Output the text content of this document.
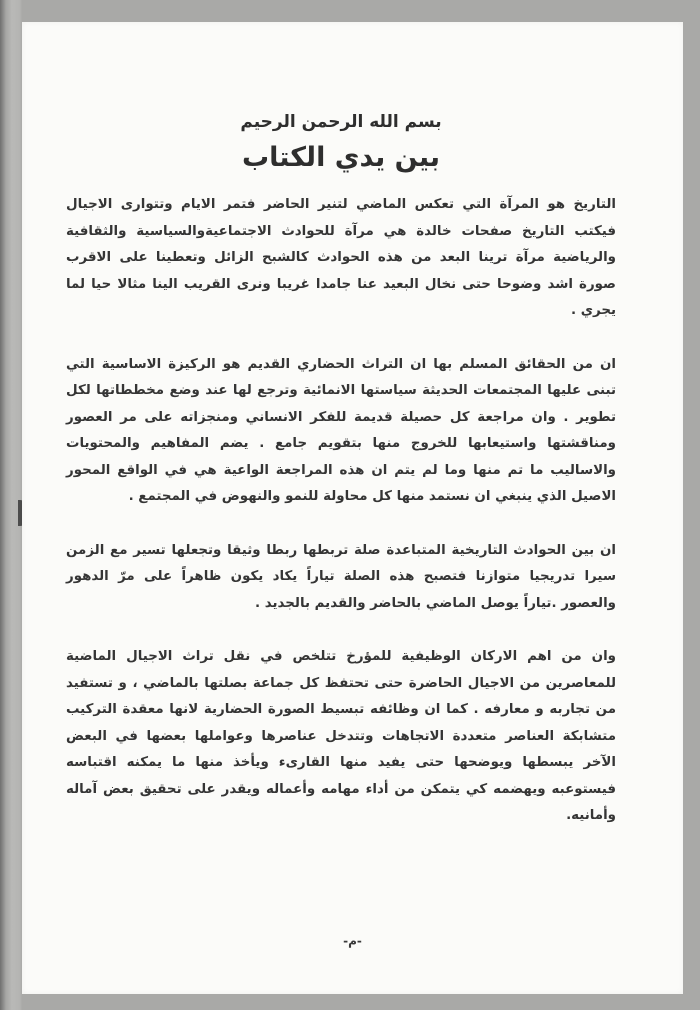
بسم الله الرحمن الرحيم
بين يدي الكتاب

التاريخ هو المرآة التي تعكس الماضي لتنير الحاضر فتمر الايام وتتوارى الاجيال فيكتب التاريخ صفحات خالدة هي مرآة للحوادث الاجتماعيةوالسياسية والثقافية والرياضية مرآة ترينا البعد من هذه الحوادث كالشبح الزائل وتعطينا على الاقرب صورة اشد وضوحا حتى نخال البعيد عنا جامدا غريبا ونرى القريب الينا مثالا حيا لما يجري .

ان من الحقائق المسلم بها ان التراث الحضاري القديم هو الركيزة الاساسية التي تبنى عليها المجتمعات الحديثة سياستها الانمائية وترجع لها عند وضع مخططاتها لكل تطوير . وان مراجعة كل حصيلة قديمة للفكر الانساني ومنجزاته على مر العصور ومناقشتها واستيعابها للخروج منها بتقويم جامع . يضم المفاهيم والمحتويات والاساليب ما تم منها وما لم يتم ان هذه المراجعة الواعية هي في الواقع المحور الاصيل الذي ينبغي ان نستمد منها كل محاولة للنمو والنهوض في المجتمع .

ان بين الحوادث التاريخية المتباعدة صلة تربطها ربطا وثيقا وتجعلها تسير مع الزمن سيرا تدريجيا متوازنا فتصبح هذه الصلة تياراً يكاد يكون ظاهراً على مرّ الدهور والعصور .تياراً يوصل الماضي بالحاضر والقديم بالجديد .

وان من اهم الاركان الوظيفية للمؤرخ تتلخص في نقل تراث الاجيال الماضية للمعاصرين من الاجيال الحاضرة حتى تحتفظ كل جماعة بصلتها بالماضي ، و تستفيد من تجاربه و معارفه . كما ان وظائفه تبسيط الصورة الحضارية لانها معقدة التركيب متشابكة العناصر متعددة الاتجاهات وتتدخل عناصرها وعواملها بعضها في البعض الآخر يبسطها ويوضحها حتى يفيد منها القارىء ويأخذ منها ما يمكنه اقتباسه فيستوعبه ويهضمه كي يتمكن من أداء مهامه وأعماله ويقدر على تحقيق بعض آماله وأمانيه.

-م-
